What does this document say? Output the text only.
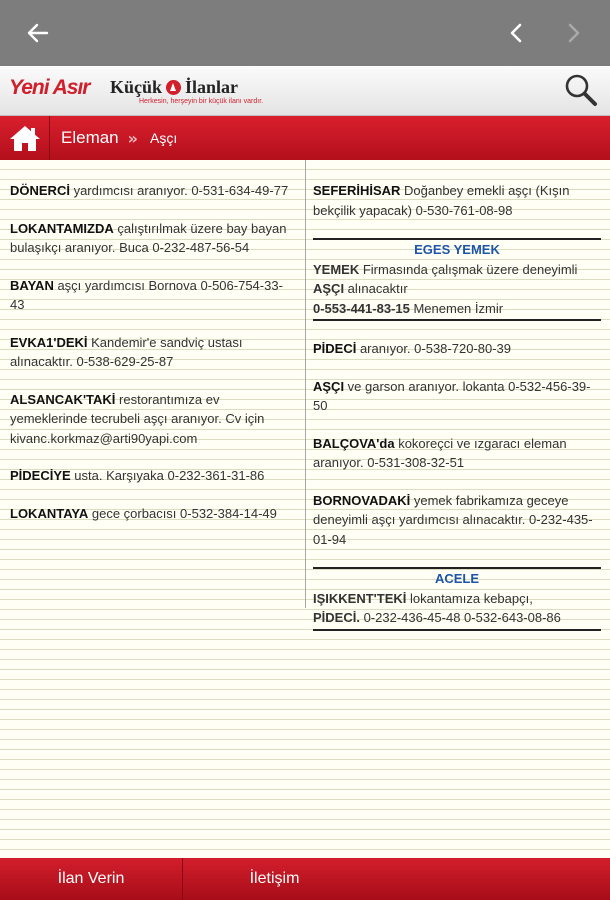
Yeni Asır Küçük İlanlar
Herkesin, herşeyin bir küçük ilanı vardır.
Eleman » Aşçı
DÖNERCİ yardımcısı aranıyor. 0-531-634-49-77
LOKANTAMIZDA çalıştırılmak üzere bay bayan bulaşıkçı aranıyor. Buca 0-232-487-56-54
BAYAN aşçı yardımcısı Bornova 0-506-754-33-43
EVKA1'DEKİ Kandemir'e sandviç ustası alınacaktır. 0-538-629-25-87
ALSANCAK'TAKİ restorantımıza ev yemeklerinde tecrubeli aşçı aranıyor. Cv için kivanc.korkmaz@arti90yapi.com
PİDECİYE usta. Karşıyaka 0-232-361-31-86
LOKANTAYA gece çorbacısı 0-532-384-14-49
SEFERİHİSAR Doğanbey emekli aşçı (Kışın bekçilik yapacak) 0-530-761-08-98
EGES YEMEK
YEMEK Firmasında çalışmak üzere deneyimli
AŞÇI alınacaktır
0-553-441-83-15 Menemen İzmir
PİDECİ aranıyor. 0-538-720-80-39
AŞÇI ve garson aranıyor. lokanta 0-532-456-39-50
BALÇOVA'da kokoreçci ve ızgaracı eleman aranıyor. 0-531-308-32-51
BORNOVADAKİ yemek fabrikamıza geceye deneyimli aşçı yardımcısı alınacaktır. 0-232-435-01-94
ACELE
IŞIKKENT'TEKİ lokantamıza kebapçı,
PİDECİ. 0-232-436-45-48 0-532-643-08-86
İlan Verin	İletişim
